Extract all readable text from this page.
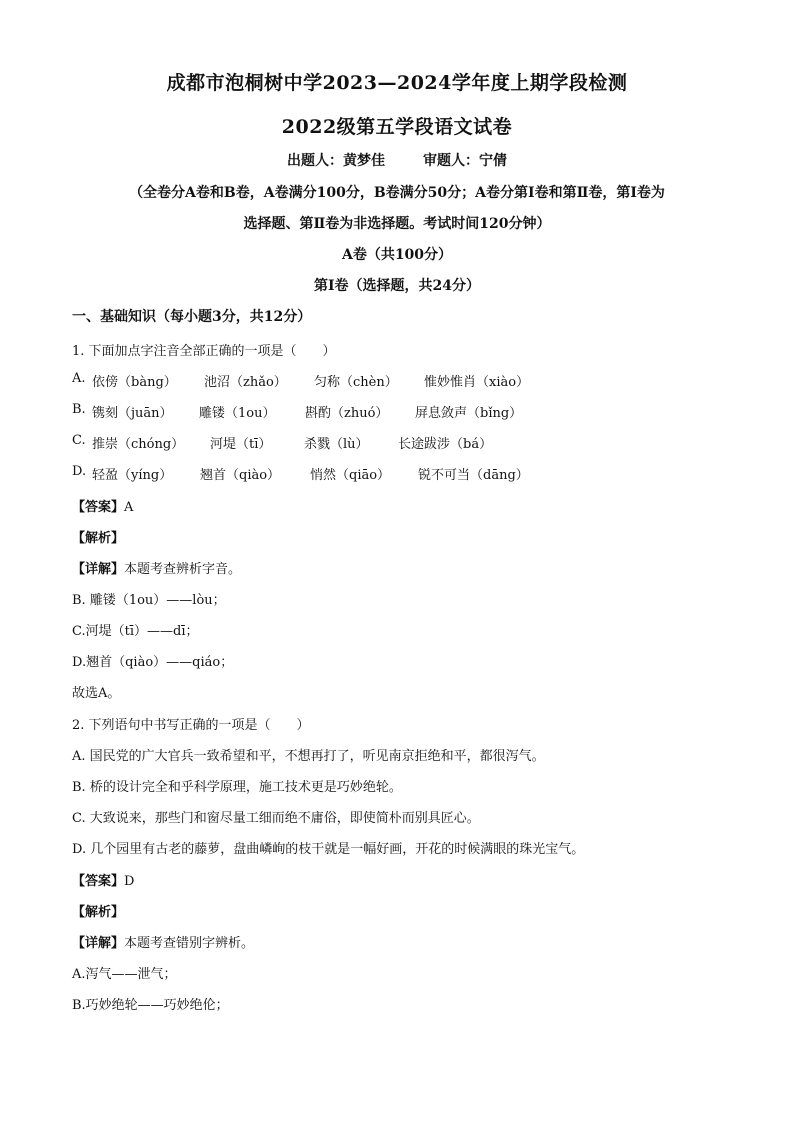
成都市泡桐树中学2023—2024学年度上期学段检测
2022级第五学段语文试卷
出题人：黄梦佳	审题人：宁倩
（全卷分A卷和B卷，A卷满分100分，B卷满分50分；A卷分第Ⅰ卷和第Ⅱ卷，第Ⅰ卷为
选择题、第Ⅱ卷为非选择题。考试时间120分钟）
A卷（共100分）
第Ⅰ卷（选择题，共24分）
一、基础知识（每小题3分，共12分）
1. 下面加点字注音全部正确的一项是（　　）
A. 依傍（bàng） 池沼（zhǎo） 匀称（chèn） 惟妙惟肖（xiào）
B. 镌刻（juān） 雕镂（1ou） 斟酌（zhuó） 屏息敛声（bǐng）
C. 推崇（chóng） 河堤（tī）	杀戮（lù） 长途跋涉（bá）
D. 轻盈（yíng） 翘首（qiào） 悄然（qiāo） 锐不可当（dāng）
【答案】A
【解析】
【详解】本题考查辨析字音。
B. 雕镂（1ou）——lòu；
C.河堤（tī）——dī；
D.翘首（qiào）——qiáo；
故选A。
2. 下列语句中书写正确的一项是（　　）
A. 国民党的广大官兵一致希望和平，不想再打了，听见南京拒绝和平，都很泻气。
B. 桥的设计完全和乎科学原理，施工技术更是巧妙绝轮。
C. 大致说来，那些门和窗尽量工细而绝不庸俗，即使简朴而别具匠心。
D. 几个园里有古老的藤萝，盘曲嶙峋的枝干就是一幅好画，开花的时候满眼的珠光宝气。
【答案】D
【解析】
【详解】本题考查错别字辨析。
A.泻气——泄气；
B.巧妙绝轮——巧妙绝伦；
